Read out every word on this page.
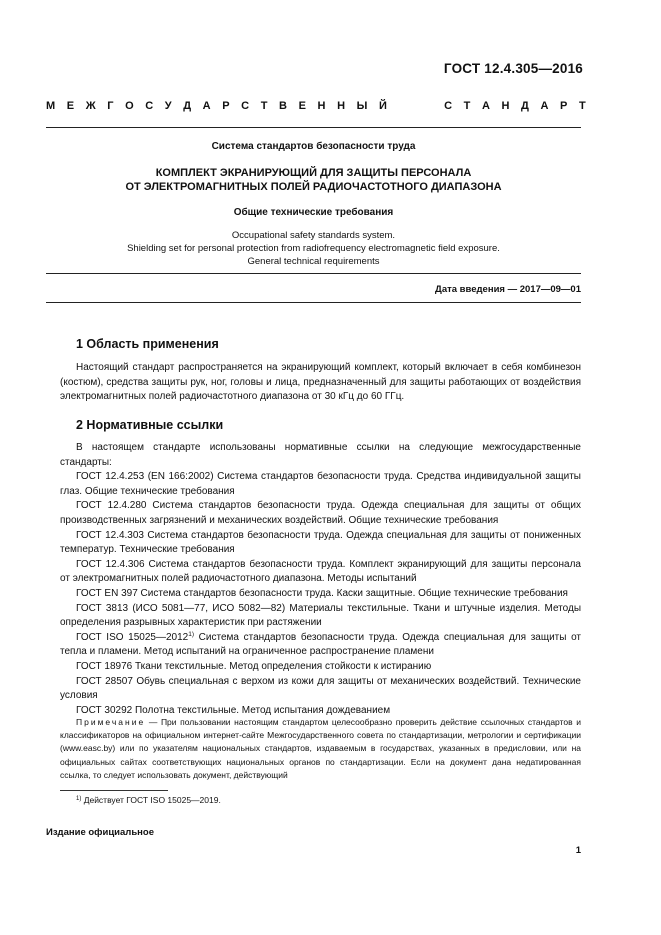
ГОСТ 12.4.305—2016
М Е Ж Г О С У Д А Р С Т В Е Н Н Ы Й	С Т А Н Д А Р Т
Система стандартов безопасности труда
КОМПЛЕКТ ЭКРАНИРУЮЩИЙ ДЛЯ ЗАЩИТЫ ПЕРСОНАЛА
ОТ ЭЛЕКТРОМАГНИТНЫХ ПОЛЕЙ РАДИОЧАСТОТНОГО ДИАПАЗОНА
Общие технические требования
Occupational safety standards system.
Shielding set for personal protection from radiofrequency electromagnetic field exposure.
General technical requirements
Дата введения — 2017—09—01
1 Область применения

Настоящий стандарт распространяется на экранирующий комплект, который включает в себя комбинезон (костюм), средства защиты рук, ног, головы и лица, предназначенный для защиты работающих от воздействия электромагнитных полей радиочастотного диапазона от 30 кГц до 60 ГГц.

2 Нормативные ссылки

В настоящем стандарте использованы нормативные ссылки на следующие межгосударственные стандарты:

ГОСТ 12.4.253 (EN 166:2002) Система стандартов безопасности труда. Средства индивидуальной защиты глаз. Общие технические требования

ГОСТ 12.4.280 Система стандартов безопасности труда. Одежда специальная для защиты от общих производственных загрязнений и механических воздействий. Общие технические требования

ГОСТ 12.4.303 Система стандартов безопасности труда. Одежда специальная для защиты от пониженных температур. Технические требования

ГОСТ 12.4.306 Система стандартов безопасности труда. Комплект экранирующий для защиты персонала от электромагнитных полей радиочастотного диапазона. Методы испытаний

ГОСТ EN 397 Система стандартов безопасности труда. Каски защитные. Общие технические требования

ГОСТ 3813 (ИСО 5081—77, ИСО 5082—82) Материалы текстильные. Ткани и штучные изделия. Методы определения разрывных характеристик при растяжении

ГОСТ ISO 15025—2012$^{1)}$ Система стандартов безопасности труда. Одежда специальная для защиты от тепла и пламени. Метод испытаний на ограниченное распространение пламени

ГОСТ 18976 Ткани текстильные. Метод определения стойкости к истиранию

ГОСТ 28507 Обувь специальная с верхом из кожи для защиты от механических воздействий. Технические условия

ГОСТ 30292 Полотна текстильные. Метод испытания дождеванием

Примечание — При пользовании настоящим стандартом целесообразно проверить действие ссылочных стандартов и классификаторов на официальном интернет-сайте Межгосударственного совета по стандартизации, метрологии и сертификации (www.easc.by) или по указателям национальных стандартов, издаваемым в государствах, указанных в предисловии, или на официальных сайтах соответствующих национальных органов по стандартизации. Если на документ дана недатированная ссылка, то следует использовать документ, действующий
$^{1)}$ Действует ГОСТ ISO 15025—2019.
Издание официальное
1
